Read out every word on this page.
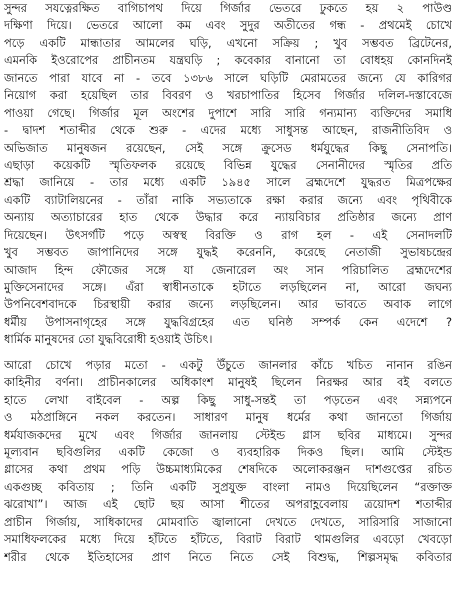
সুন্দর সযত্নেরক্ষিত বাগিচাপথ দিয়ে গির্জার ভেতরে ঢুকতে হয় ২ পাউণ্ড
দক্ষিণা দিয়ে। ভেতরে আলো কম এবং সুদুর অতীতের গন্ধ - প্রথমেই চোখে
পড়ে একটি মান্ধাতার আমলের ঘড়ি, এখনো সক্রিয় ; খুব সম্ভবত ব্রিটেনের,
এমনকি ইওরোপের প্রাচীনতম যন্ত্রঘড়ি ; কবেকার বানানো তা বোধহয় কোনদিনই
জানতে পারা যাবে না - তবে ১৩৮৬ সালে ঘড়িটি মেরামতের জন্যে যে কারিগর
নিয়োগ করা হয়েছিল তার বিবরণ ও খরচাপাতির হিসেব গির্জার দলিল-দস্তাবেজে
পাওয়া গেছে। গির্জার মূল অংশের দুপাশে সারি সারি গন্যমান্য ব্যক্তিদের সমাধি
- দ্বাদশ শতাব্দীর থেকে শুরু - এদের মধ্যে সাধুসন্ত আছেন, রাজনীতিবিদ ও
অভিজাত মানুষজন রয়েছেন, সেই সঙ্গে ক্রুসেড ধর্মযুদ্ধের কিছু সেনাপতি।
এছাড়া কয়েকটি স্মৃতিফলক রয়েছে বিভিন্ন যুদ্ধের সেনানীদের স্মৃতির প্রতি
শ্রদ্ধা জানিয়ে - তার মধ্যে একটি ১৯৪৫ সালে ব্রহ্মদেশে যুদ্ধরত মিত্রপক্ষের
একটি ব্যাটালিয়নের - তাঁরা নাকি সভ্যতাকে রক্ষা করার জন্যে এবং পৃথিবীকে
অন্যায় অত্যাচারের হাত থেকে উদ্ধার করে ন্যায়বিচার প্রতিষ্ঠার জন্যে প্রাণ
দিয়েছেন। উৎসর্গটি পড়ে অস্বস্থ বিরক্তি ও রাগ হল - এই সেনাদলটি
খুব সম্ভবত জাপানিদের সঙ্গে যুদ্ধই করেননি, করেছে নেতাজী সুভাষচন্দ্রের
আজাদ হিন্দ ফৌজের সঙ্গে যা জেনারেল অং সান পরিচালিত ব্রহ্মদেশের
মুক্তিসেনাদের সঙ্গে। এঁরা স্বাধীনতাকে হটাতে লড়ছিলেন না, আরো জঘন্য
উপনিবেশবাদকে চিরস্থায়ী করার জন্যে লড়ছিলেন। আর ভাবতে অবাক লাগে
ধর্মীয় উপাসনাগৃহের সঙ্গে যুদ্ধবিগ্রহের এত ঘনিষ্ঠ সম্পর্ক কেন এদেশে ?
ধার্মিক মানুষদের তো যুদ্ধবিরোধী হওয়াই উচিৎ।
আরো চোখে পড়ার মতো - একটু উঁচুতে জানলার কাঁচে খচিত নানান রঙিন
কাহিনীর বর্ণনা। প্রাচীনকালের অধিকাংশ মানুষই ছিলেন নিরক্ষর আর বই বলতে
হাতে লেখা বাইবেল - অল্প কিছু সাধু-সন্তই তা পড়তেন এবং সন্ন্যপনে
ও মঠপ্রাঙ্গিনে নকল করতেন। সাধারণ মানুষ ধর্মের কথা জানতো গির্জায়
ধর্মযাজকদের মুখে এবং গির্জার জানলায় স্টেইন্ড গ্লাস ছবির মাধ্যমে। সুন্দর
মূল্যবান ছবিগুলির একটি কেজো ও ব্যবহারিক দিকও ছিল। আমি স্টেইন্ড
গ্লাসের কথা প্রথম পড়ি উচ্চমাধ্যমিকের শেষদিকে অলোকরঞ্জন দাশগুপ্তের রচিত
একগুচ্ছ কবিতায় ; তিনি একটি সুপ্রযুক্ত বাংলা নামও দিয়েছিলেন “রক্তাক্ত
ঝরোখা”। আজ এই ছোট ছয় আসা শীতের অপরাহ্ণবেলায় ত্রয়োদশ শতাব্দীর
প্রাচীন গির্জায়, সাধিকাদের মোমবাতি জ্বালানো দেখতে দেখতে, সারিসারি সাজানো
সমাধিফলকের মধ্যে দিয়ে হাঁটতে হাঁটতে, বিরাট বিরাট থামগুলির এবড়ো খেবড়ো
শরীর থেকে ইতিহাসের প্রাণ নিতে নিতে সেই বিশুদ্ধ, শিল্পসমৃদ্ধ কবিতার
